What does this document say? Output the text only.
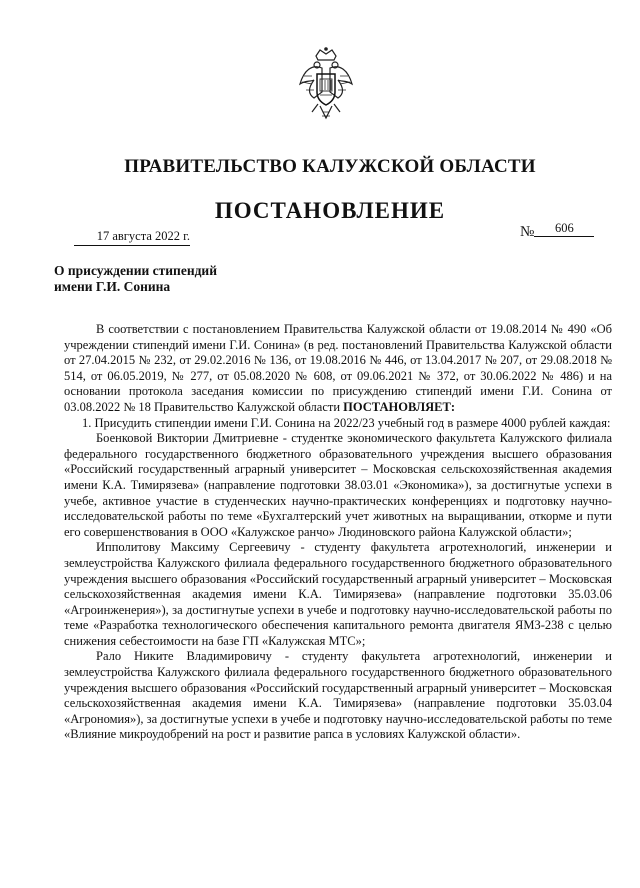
ПРАВИТЕЛЬСТВО КАЛУЖСКОЙ ОБЛАСТИ
ПОСТАНОВЛЕНИЕ
17 августа 2022 г.	№ 606
О присуждении стипендий
имени Г.И. Сонина

В соответствии с постановлением Правительства Калужской области от 19.08.2014 № 490 «Об учреждении стипендий имени Г.И. Сонина» (в ред. постановлений Правительства Калужской области от 27.04.2015 № 232, от 29.02.2016 № 136, от 19.08.2016 № 446, от 13.04.2017 № 207, от 29.08.2018 № 514, от 06.05.2019, № 277, от 05.08.2020 № 608, от 09.06.2021 № 372, от 30.06.2022 № 486) и на основании протокола заседания комиссии по присуждению стипендий имени Г.И. Сонина от 03.08.2022 № 18 Правительство Калужской области ПОСТАНОВЛЯЕТ:

1. Присудить стипендии имени Г.И. Сонина на 2022/23 учебный год в размере 4000 рублей каждая:

Боенковой Виктории Дмитриевне - студентке экономического факультета Калужского филиала федерального государственного бюджетного образовательного учреждения высшего образования «Российский государственный аграрный университет – Московская сельскохозяйственная академия имени К.А. Тимирязева» (направление подготовки 38.03.01 «Экономика»), за достигнутые успехи в учебе, активное участие в студенческих научно-практических конференциях и подготовку научно-исследовательской работы по теме «Бухгалтерский учет животных на выращивании, откорме и пути его совершенствования в ООО «Калужское ранчо» Людиновского района Калужской области»;

Ипполитову Максиму Сергеевичу - студенту факультета агротехнологий, инженерии и землеустройства Калужского филиала федерального государственного бюджетного образовательного учреждения высшего образования «Российский государственный аграрный университет – Московская сельскохозяйственная академия имени К.А. Тимирязева» (направление подготовки 35.03.06 «Агроинженерия»), за достигнутые успехи в учебе и подготовку научно-исследовательской работы по теме «Разработка технологического обеспечения капитального ремонта двигателя ЯМЗ-238 с целью снижения себестоимости на базе ГП «Калужская МТС»;

Рало Никите Владимировичу - студенту факультета агротехнологий, инженерии и землеустройства Калужского филиала федерального государственного бюджетного образовательного учреждения высшего образования «Российский государственный аграрный университет – Московская сельскохозяйственная академия имени К.А. Тимирязева» (направление подготовки 35.03.04 «Агрономия»), за достигнутые успехи в учебе и подготовку научно-исследовательской работы по теме «Влияние микроудобрений на рост и развитие рапса в условиях Калужской области».
